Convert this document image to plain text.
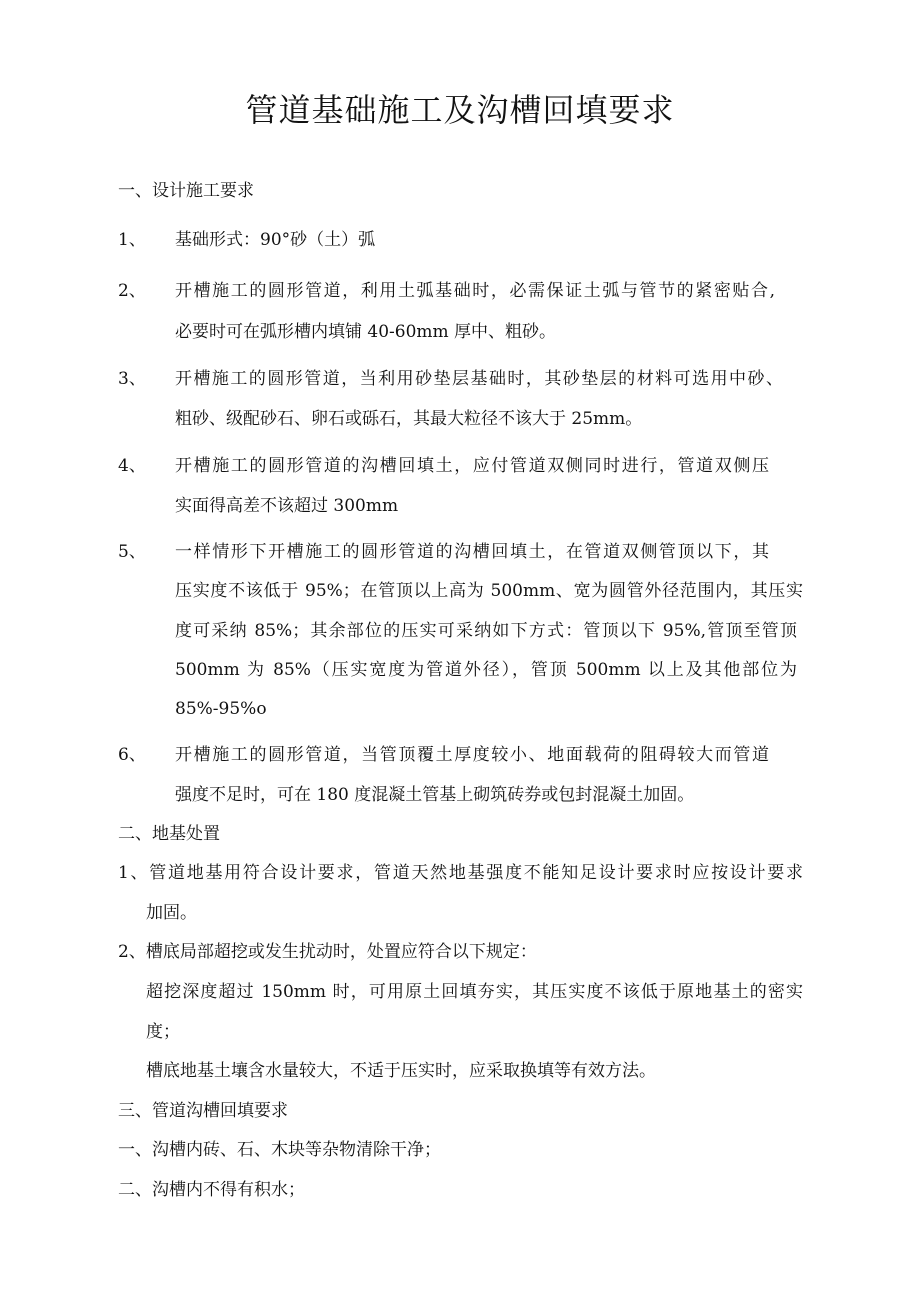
管道基础施工及沟槽回填要求
一、设计施工要求
1、 基础形式：90°砂（土）弧
2、 开槽施工的圆形管道，利用土弧基础时，必需保证土弧与管节的紧密贴合,
必要时可在弧形槽内填铺 40-60mm 厚中、粗砂。
3、 开槽施工的圆形管道，当利用砂垫层基础时，其砂垫层的材料可选用中砂、
粗砂、级配砂石、卵石或砾石，其最大粒径不该大于 25mm。
4、 开槽施工的圆形管道的沟槽回填土，应付管道双侧同时进行，管道双侧压
实面得高差不该超过 300mm
5、 一样情形下开槽施工的圆形管道的沟槽回填土，在管道双侧管顶以下，其
压实度不该低于 95%；在管顶以上高为 500mm、宽为圆管外径范围内，其压实
度可采纳 85%；其余部位的压实可采纳如下方式：管顶以下 95%,管顶至管顶
500mm 为 85%（压实宽度为管道外径），管顶 500mm 以上及其他部位为
85%-95%o
6、 开槽施工的圆形管道，当管顶覆土厚度较小、地面载荷的阻碍较大而管道
强度不足时，可在 180 度混凝土管基上砌筑砖券或包封混凝土加固。
二、地基处置
1、管道地基用符合设计要求，管道天然地基强度不能知足设计要求时应按设计要求
加固。
2、槽底局部超挖或发生扰动时，处置应符合以下规定：
超挖深度超过 150mm 时，可用原土回填夯实，其压实度不该低于原地基土的密实
度；
槽底地基土壤含水量较大，不适于压实时，应采取换填等有效方法。
三、管道沟槽回填要求
一、沟槽内砖、石、木块等杂物清除干净；
二、沟槽内不得有积水；
